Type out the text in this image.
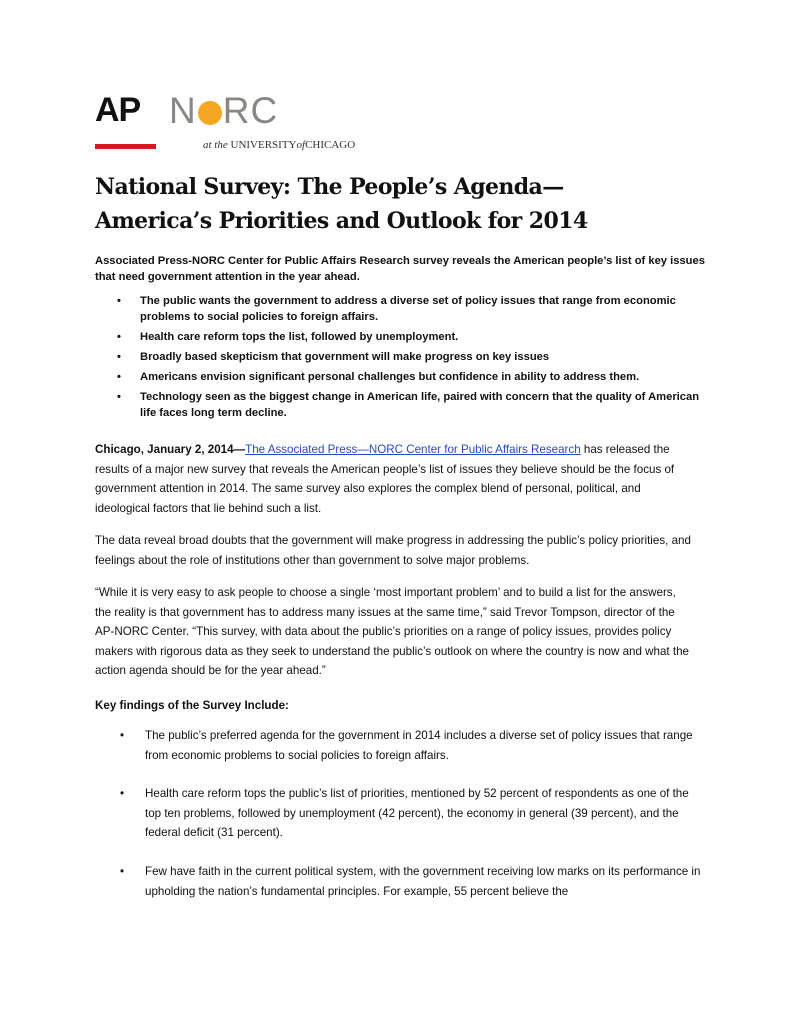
AP N RC
at the UNIVERSITYofCHICAGO
National Survey: The People’s Agenda—
America’s Priorities and Outlook for 2014
Associated Press-NORC Center for Public Affairs Research survey reveals the American people’s list of key issues that need government attention in the year ahead.
• The public wants the government to address a diverse set of policy issues that range from economic problems to social policies to foreign affairs.
• Health care reform tops the list, followed by unemployment.
• Broadly based skepticism that government will make progress on key issues
• Americans envision significant personal challenges but confidence in ability to address them.
• Technology seen as the biggest change in American life, paired with concern that the quality of American life faces long term decline.
Chicago, January 2, 2014—The Associated Press—NORC Center for Public Affairs Research has released the results of a major new survey that reveals the American people’s list of issues they believe should be the focus of government attention in 2014. The same survey also explores the complex blend of personal, political, and ideological factors that lie behind such a list.
The data reveal broad doubts that the government will make progress in addressing the public’s policy priorities, and feelings about the role of institutions other than government to solve major problems.
“While it is very easy to ask people to choose a single ‘most important problem’ and to build a list for the answers, the reality is that government has to address many issues at the same time,” said Trevor Tompson, director of the AP-NORC Center. “This survey, with data about the public’s priorities on a range of policy issues, provides policy makers with rigorous data as they seek to understand the public’s outlook on where the country is now and what the action agenda should be for the year ahead.”
Key findings of the Survey Include:
• The public’s preferred agenda for the government in 2014 includes a diverse set of policy issues that range from economic problems to social policies to foreign affairs.
• Health care reform tops the public’s list of priorities, mentioned by 52 percent of respondents as one of the top ten problems, followed by unemployment (42 percent), the economy in general (39 percent), and the federal deficit (31 percent).
• Few have faith in the current political system, with the government receiving low marks on its performance in upholding the nation’s fundamental principles. For example, 55 percent believe the
